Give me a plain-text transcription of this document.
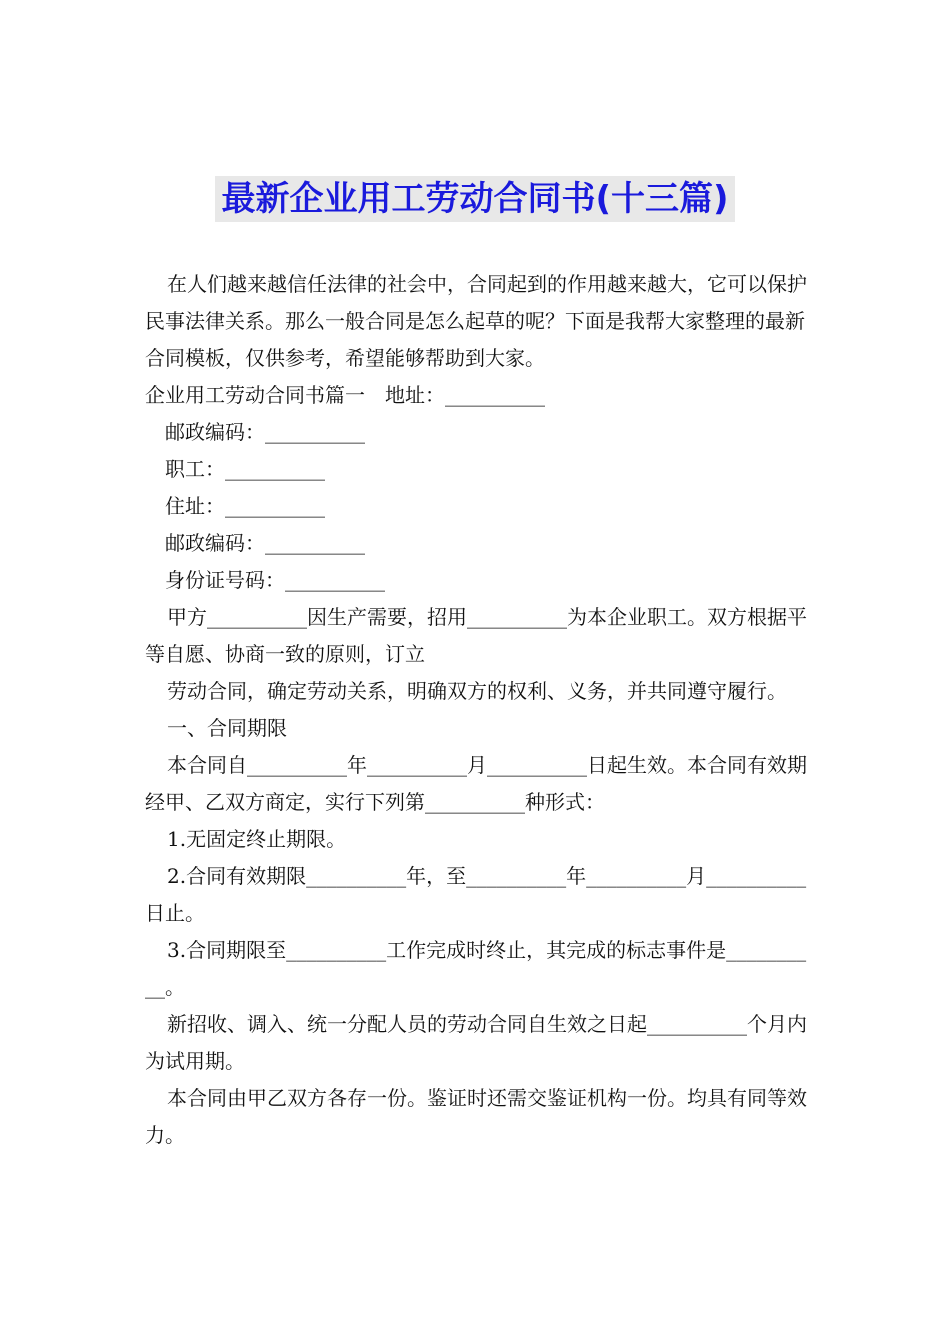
最新企业用工劳动合同书(十三篇)

在人们越来越信任法律的社会中，合同起到的作用越来越大，它可以保护民事法律关系。那么一般合同是怎么起草的呢？下面是我帮大家整理的最新合同模板，仅供参考，希望能够帮助到大家。

企业用工劳动合同书篇一　地址：__________

邮政编码：__________

职工：__________

住址：__________

邮政编码：__________

身份证号码：__________

甲方__________因生产需要，招用__________为本企业职工。双方根据平等自愿、协商一致的原则，订立

劳动合同，确定劳动关系，明确双方的权利、义务，并共同遵守履行。

一、合同期限

本合同自__________年__________月__________日起生效。本合同有效期经甲、乙双方商定，实行下列第__________种形式：

1.无固定终止期限。

2.合同有效期限__________年，至__________年__________月__________日止。

3.合同期限至__________工作完成时终止，其完成的标志事件是__________。

新招收、调入、统一分配人员的劳动合同自生效之日起__________个月内为试用期。

本合同由甲乙双方各存一份。鉴证时还需交鉴证机构一份。均具有同等效力。
